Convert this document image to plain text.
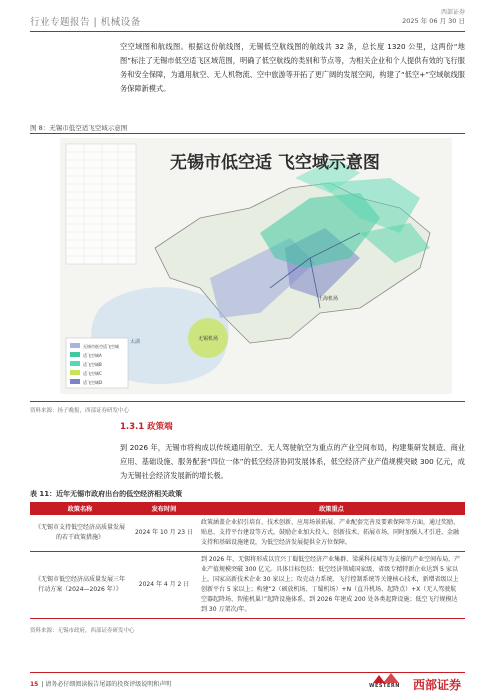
行业专题报告 | 机械设备
西部证券
2025 年 06 月 30 日
空空域图和航线图。根据这份航线图，无锡低空航线图的航线共 32 条，总长度 1320 公里，这两份“地图”标注了无锡市低空适飞区域范围，明确了低空航线的类别和节点等，为相关企业和个人提供有效的飞行服务和安全保障，为通用航空、无人机物流、空中旅游等开拓了更广阔的发展空间，构建了“低空+”空域航线服务保障新模式。
图 8：无锡市低空适飞空域示意图
无锡市低空适 飞空域示意图
上海机场
无锡机场
太湖
无锡市低空适飞空域
适飞空域A
适飞空域B
适飞空域C
适飞空域D
资料来源：扬子晚报，西部证券研发中心
1.3.1 政策端
到 2026 年，无锡市将构成以传统通用航空、无人驾驶航空为重点的产业空间布局，构建集研发制造、商业应用、基础设施、服务配套“四位一体”的低空经济协同发展体系，低空经济产业产值规模突破 300 亿元，成为无锡社会经济发展新的增长极。
表 11：近年无锡市政府出台的低空经济相关政策
政策名称	发布时间	政策重点
《无锡市支持低空经济高质量发展的若干政策措施》	2024 年 10 月 23 日	政策涵盖企业招引培育、技术创新、应用场景拓展、产业配套完善及要素保障等方面，通过奖励、贴息、支持平台建设等方式，鼓励企业加大投入、创新技术、拓展市场，同时加强人才引进、金融支持和基础设施建设，为低空经济发展提供全方位保障。
《无锡市低空经济高质量发展三年行动方案（2024—2026 年）》	2024 年 4 月 2 日	到 2026 年，无锡将形成以宜兴丁蜀低空经济产业集群、梁溪科技城等为支撑的产业空间布局，产业产值规模突破 300 亿元。具体目标包括：低空经济领域国家级、省级专精特新企业达到 5 家以上，国家高新技术企业 30 家以上；攻克动力系统、飞行控制系统等关键核心技术，新增省级以上创新平台 5 家以上；构建“2（硕放机场、丁蜀机场）+N（直升机场、起降点）+X（无人驾驶航空器起降场、智能机巢）”起降设施体系，到 2026 年建成 200 处各类起降设施；低空飞行规模达到 30 万架次/年。
资料来源：无锡市政府，西部证券研发中心
15 | 请务必仔细阅读报告尾部的投资评级说明和声明	WESTERN 西部证券
